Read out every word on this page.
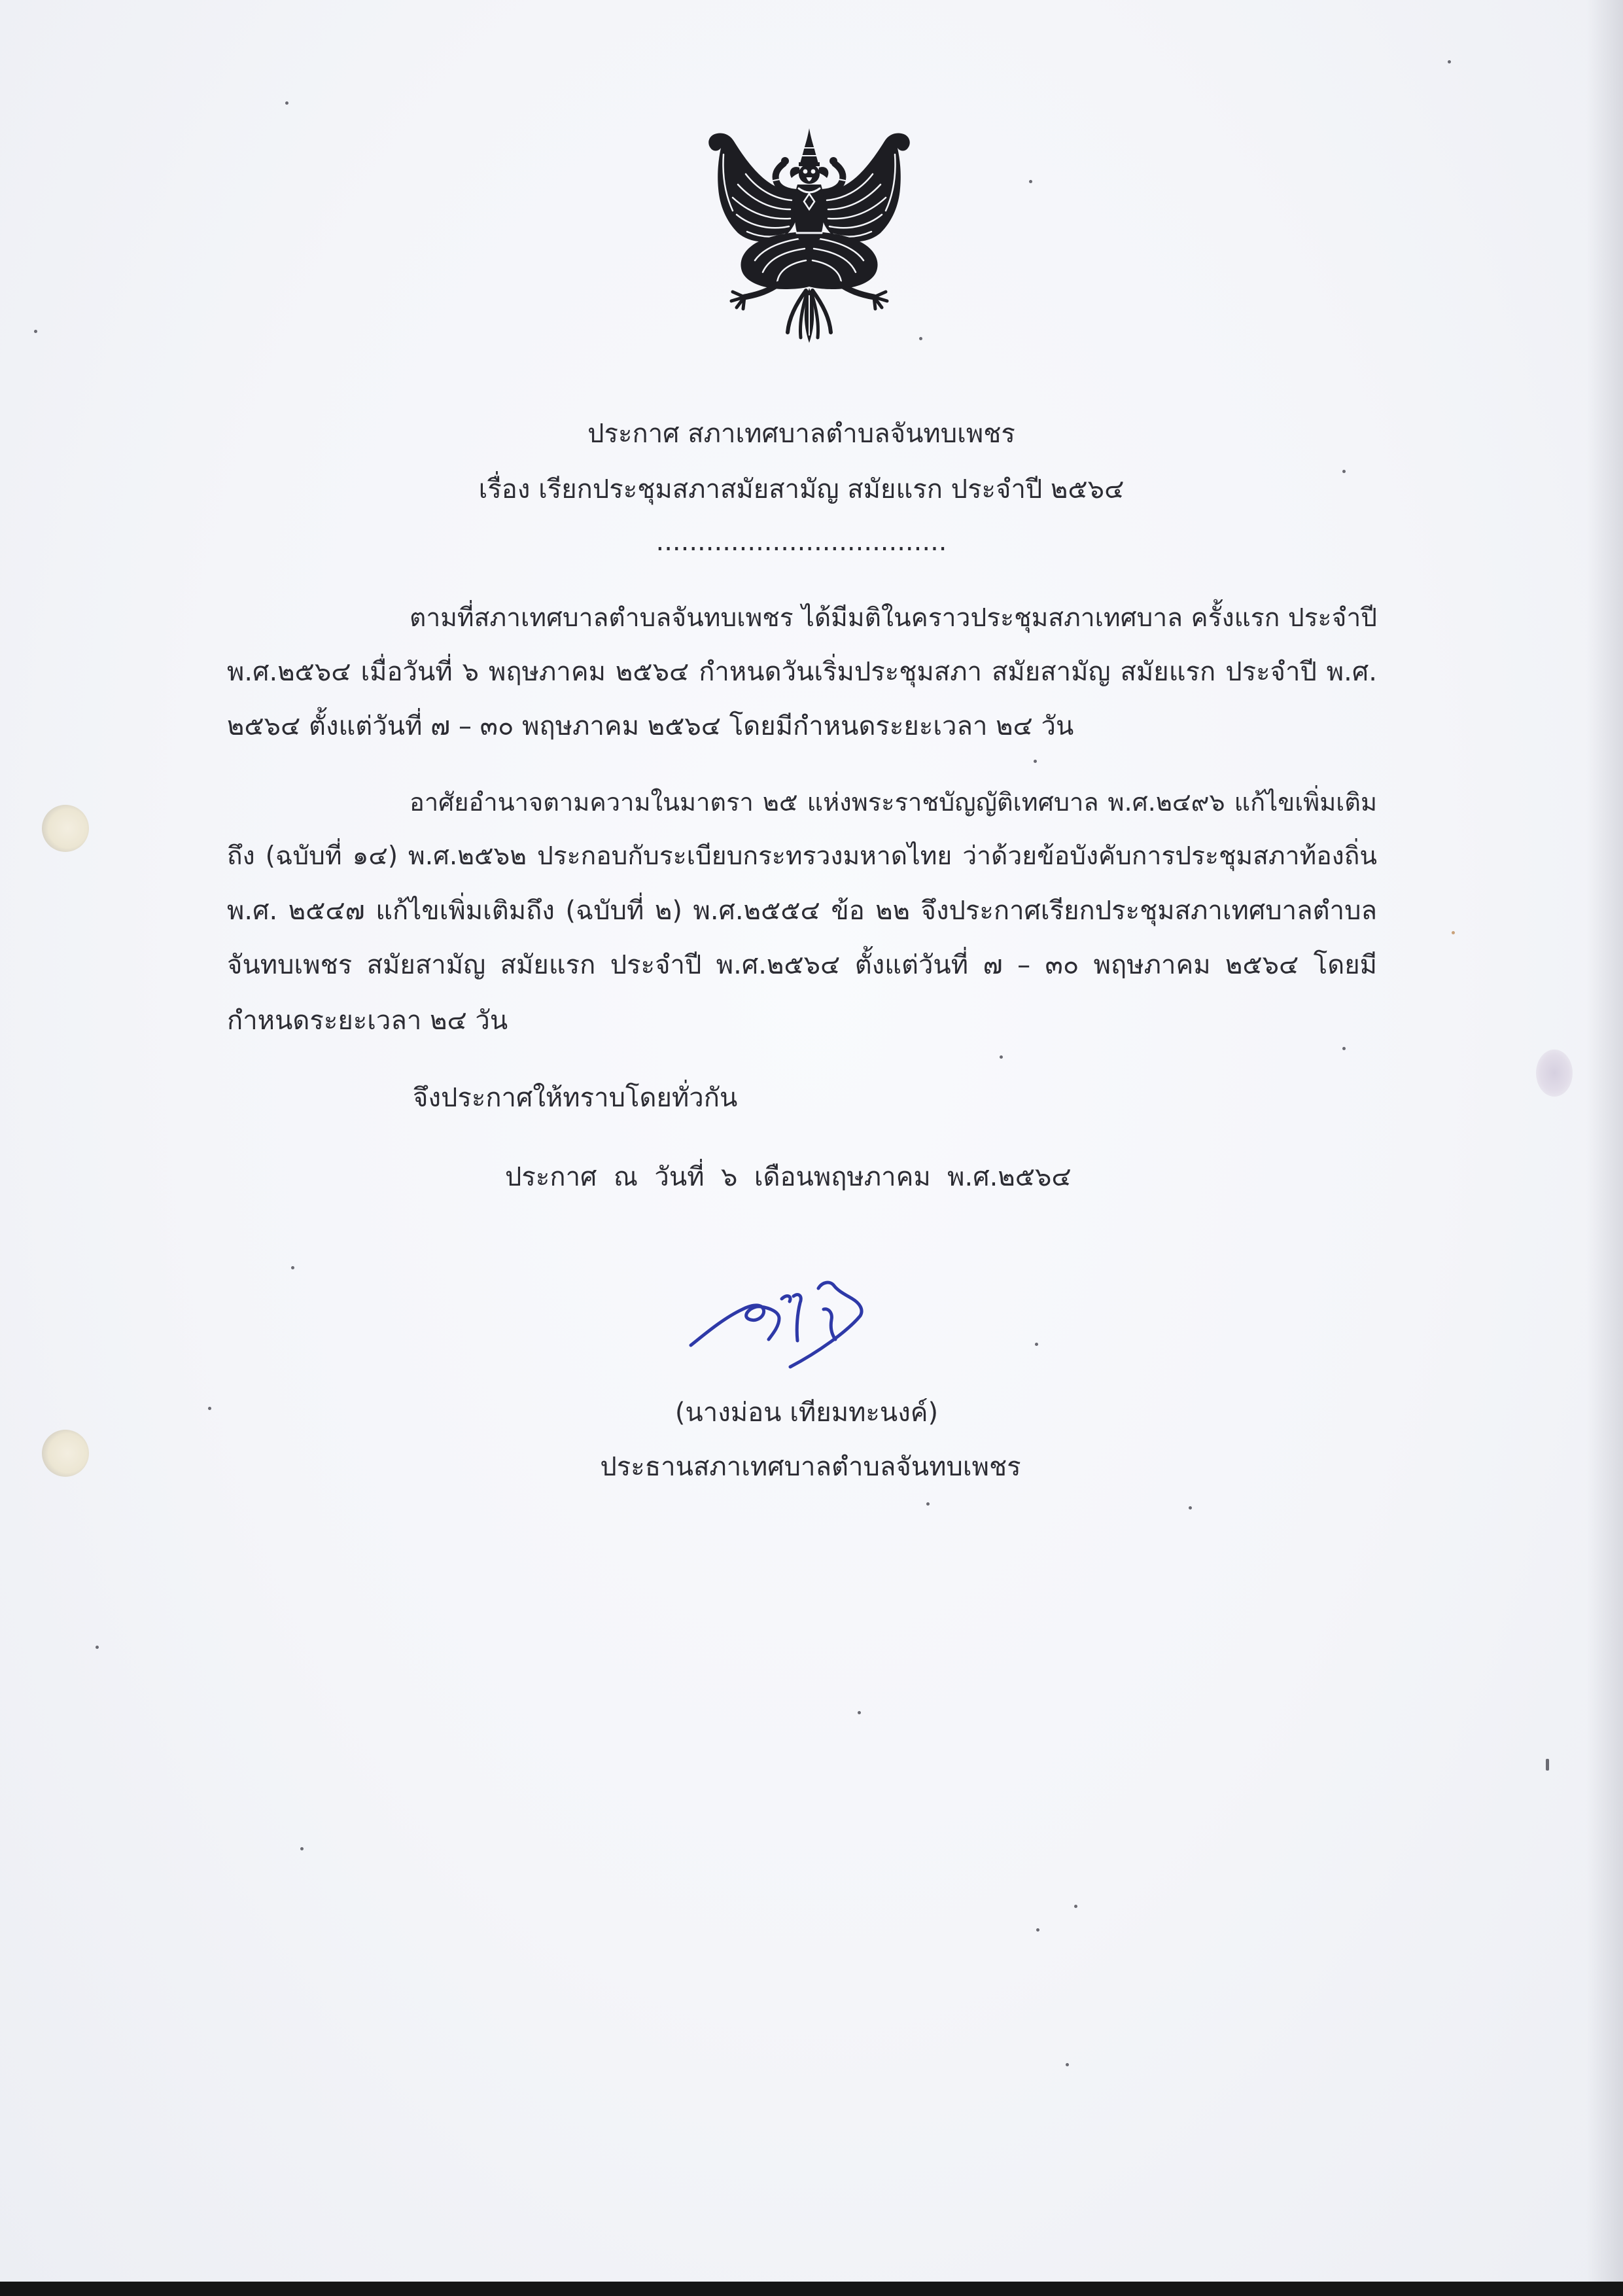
ประกาศ สภาเทศบาลตำบลจันทบเพชร
เรื่อง เรียกประชุมสภาสมัยสามัญ สมัยแรก ประจำปี ๒๕๖๔
...................................
ตามที่สภาเทศบาลตำบลจันทบเพชร ได้มีมติในคราวประชุมสภาเทศบาล ครั้งแรก ประจำปี
พ.ศ.๒๕๖๔ เมื่อวันที่ ๖ พฤษภาคม ๒๕๖๔ กำหนดวันเริ่มประชุมสภา สมัยสามัญ สมัยแรก ประจำปี พ.ศ.
๒๕๖๔ ตั้งแต่วันที่ ๗ – ๓๐ พฤษภาคม ๒๕๖๔ โดยมีกำหนดระยะเวลา ๒๔ วัน
อาศัยอำนาจตามความในมาตรา ๒๕ แห่งพระราชบัญญัติเทศบาล พ.ศ.๒๔๙๖ แก้ไขเพิ่มเติม
ถึง (ฉบับที่ ๑๔) พ.ศ.๒๕๖๒ ประกอบกับระเบียบกระทรวงมหาดไทย ว่าด้วยข้อบังคับการประชุมสภาท้องถิ่น
พ.ศ. ๒๕๔๗ แก้ไขเพิ่มเติมถึง (ฉบับที่ ๒) พ.ศ.๒๕๕๔ ข้อ ๒๒ จึงประกาศเรียกประชุมสภาเทศบาลตำบล
จันทบเพชร สมัยสามัญ สมัยแรก ประจำปี พ.ศ.๒๕๖๔ ตั้งแต่วันที่ ๗ – ๓๐ พฤษภาคม ๒๕๖๔ โดยมี
กำหนดระยะเวลา ๒๔ วัน
จึงประกาศให้ทราบโดยทั่วกัน
ประกาศ  ณ  วันที่  ๖  เดือนพฤษภาคม  พ.ศ.๒๕๖๔
(นางม่อน เทียมทะนงค์)
ประธานสภาเทศบาลตำบลจันทบเพชร
